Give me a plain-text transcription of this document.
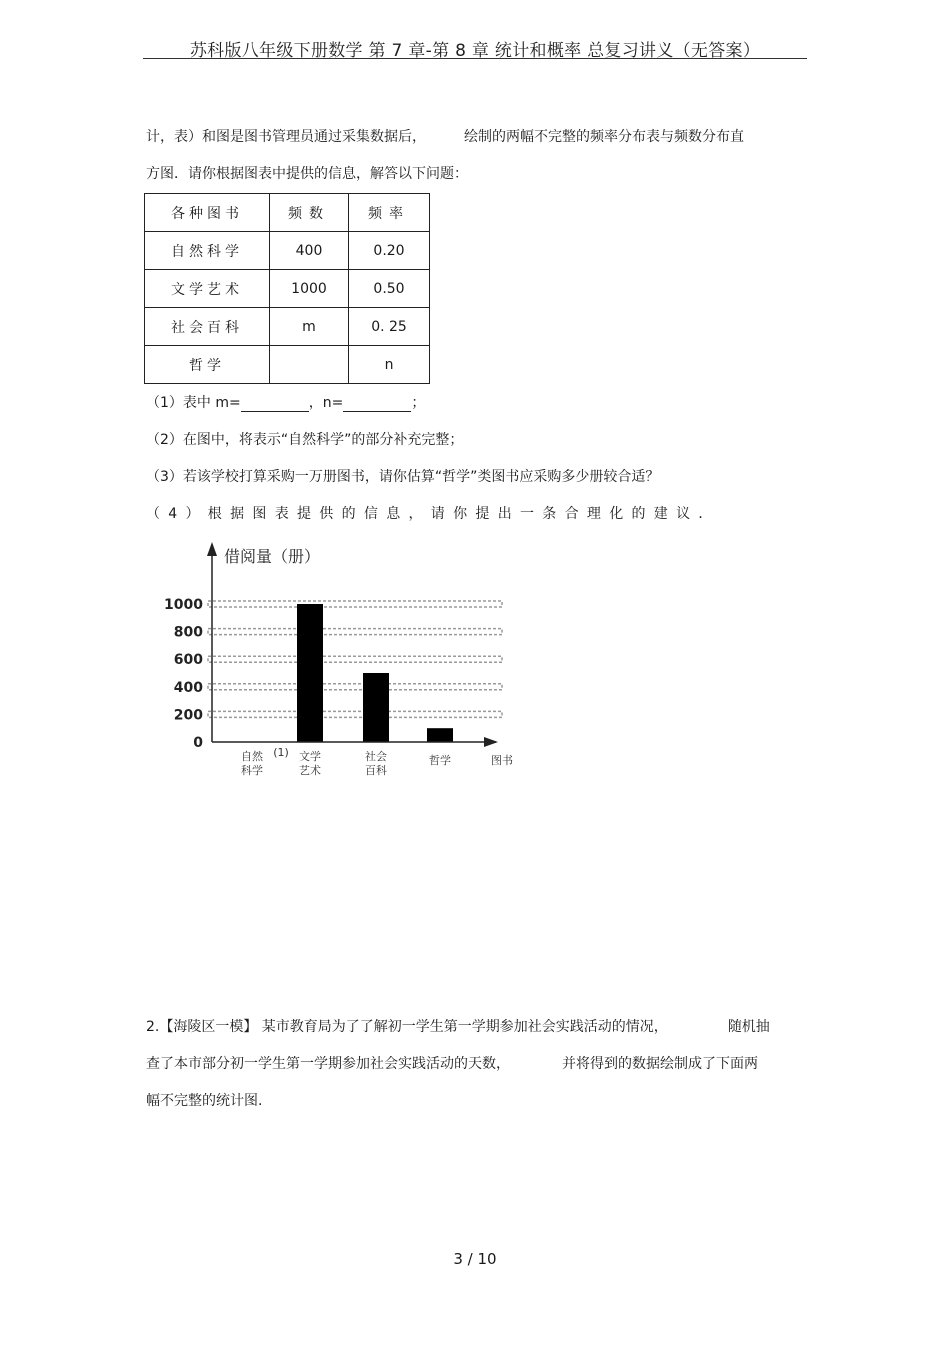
苏科版八年级下册数学 第 7 章-第 8 章 统计和概率 总复习讲义（无答案）
计，表）和图是图书管理员通过采集数据后，	绘制的两幅不完整的频率分布表与频数分布直
方图．请你根据图表中提供的信息，解答以下问题：
各种图书	频数	频率
自然科学	400	0.20
文学艺术	1000	0.50
社会百科	m	0. 25
哲学		n
（1）表中 m=	，n=	；
（2）在图中，将表示“自然科学”的部分补充完整；
（3）若该学校打算采购一万册图书，请你估算“哲学”类图书应采购多少册较合适？
（4）根据图表提供的信息，请你提出一条合理化的建议．
0
200
400
600
800
1000
借阅量（册）
自然
科学
文学
艺术
社会
百科
哲学	图书
(1)
2.【海陵区一模】 某市教育局为了了解初一学生第一学期参加社会实践活动的情况，	随机抽
查了本市部分初一学生第一学期参加社会实践活动的天数，	并将得到的数据绘制成了下面两
幅不完整的统计图.
3 / 10
